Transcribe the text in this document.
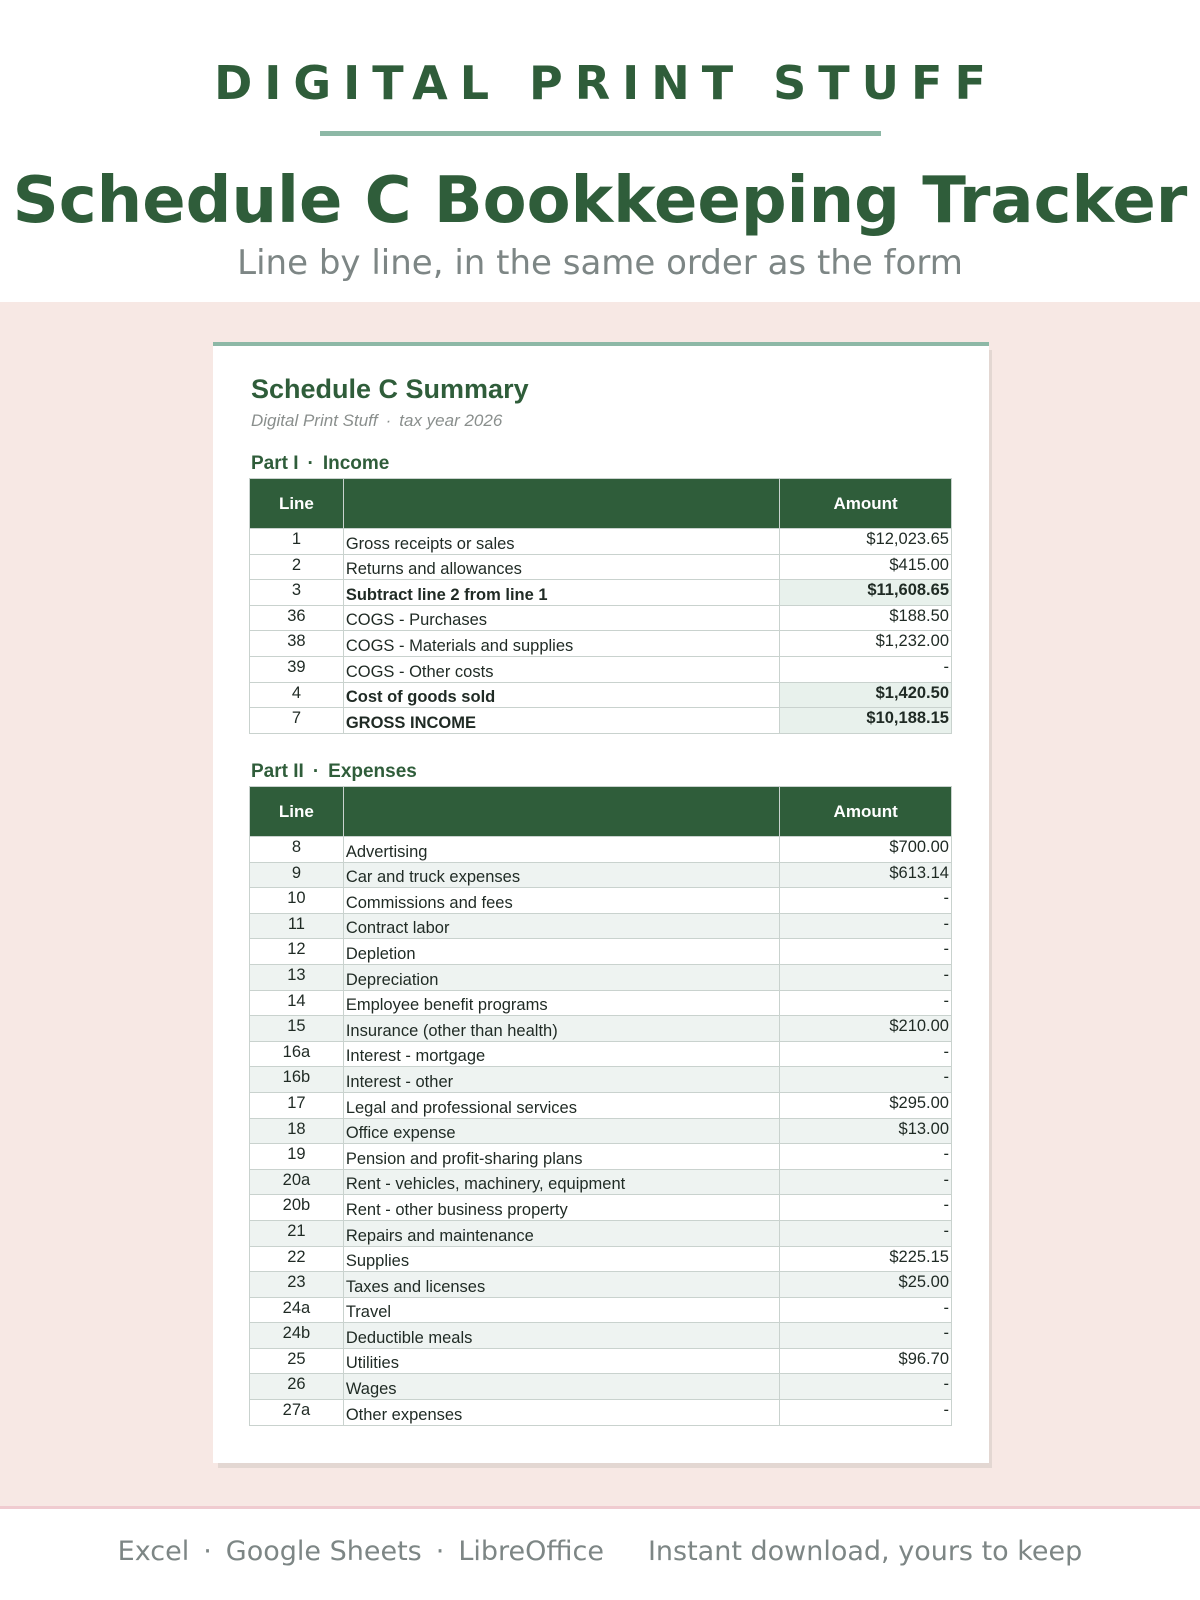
DIGITAL PRINT STUFF
Schedule C Bookkeeping Tracker
Line by line, in the same order as the form
Schedule C Summary
Digital Print Stuff · tax year 2026
Part I · Income
Line		Amount
1	Gross receipts or sales	$12,023.65
2	Returns and allowances	$415.00
3	Subtract line 2 from line 1	$11,608.65
36	COGS - Purchases	$188.50
38	COGS - Materials and supplies	$1,232.00
39	COGS - Other costs	-
4	Cost of goods sold	$1,420.50
7	GROSS INCOME	$10,188.15
Part II · Expenses
Line		Amount
8	Advertising	$700.00
9	Car and truck expenses	$613.14
10	Commissions and fees	-
11	Contract labor	-
12	Depletion	-
13	Depreciation	-
14	Employee benefit programs	-
15	Insurance (other than health)	$210.00
16a	Interest - mortgage	-
16b	Interest - other	-
17	Legal and professional services	$295.00
18	Office expense	$13.00
19	Pension and profit-sharing plans	-
20a	Rent - vehicles, machinery, equipment	-
20b	Rent - other business property	-
21	Repairs and maintenance	-
22	Supplies	$225.15
23	Taxes and licenses	$25.00
24a	Travel	-
24b	Deductible meals	-
25	Utilities	$96.70
26	Wages	-
27a	Other expenses	-
Excel · Google Sheets · LibreOffice Instant download, yours to keep
